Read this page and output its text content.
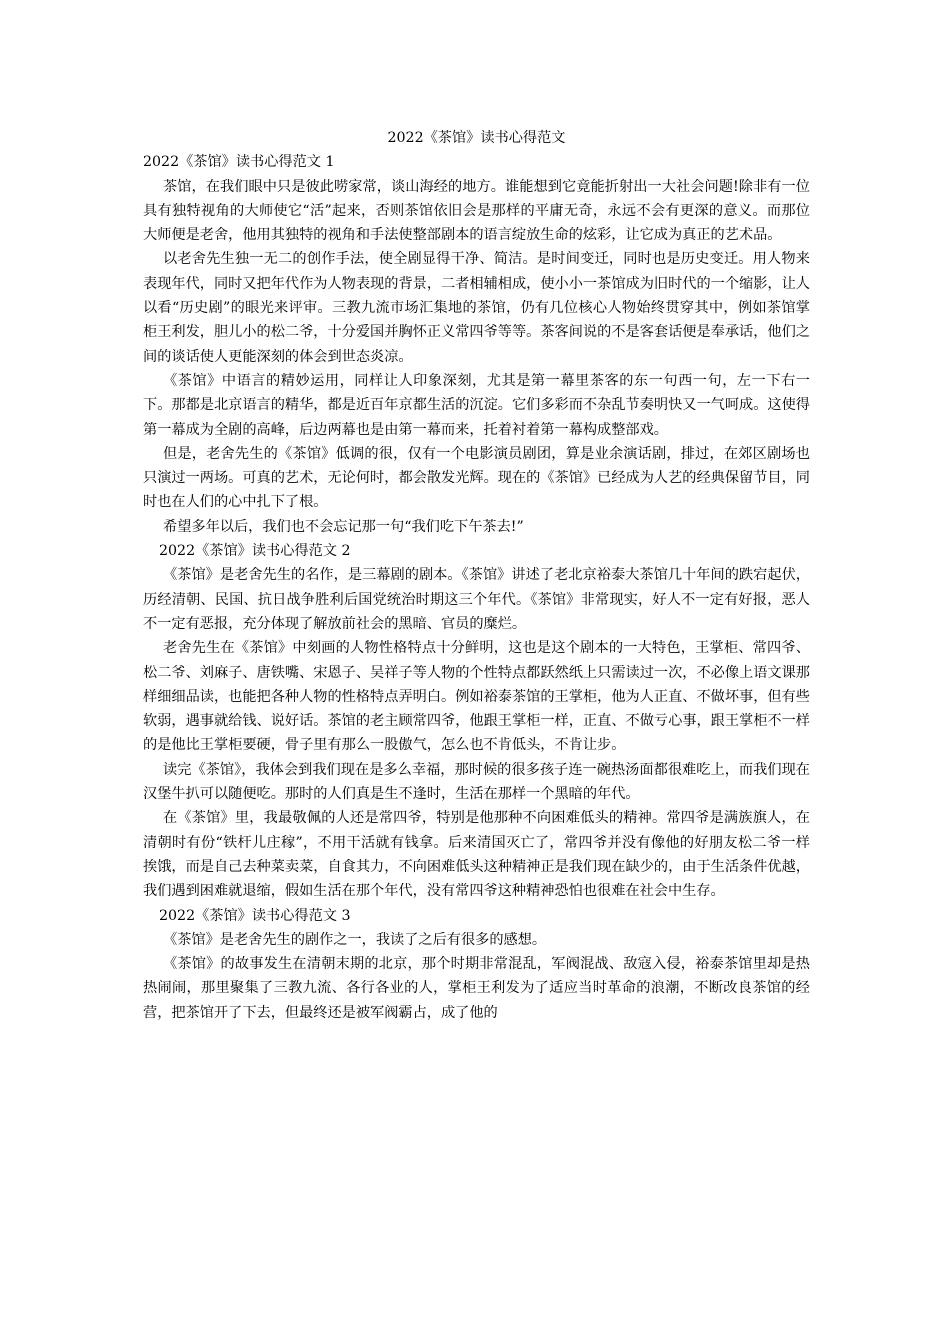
2022《茶馆》读书心得范文
2022《茶馆》读书心得范文 1

茶馆，在我们眼中只是彼此唠家常，谈山海经的地方。谁能想到它竟能折射出一大社会问题!除非有一位具有独特视角的大师使它“活”起来，否则茶馆依旧会是那样的平庸无奇，永远不会有更深的意义。而那位大师便是老舍，他用其独特的视角和手法使整部剧本的语言绽放生命的炫彩，让它成为真正的艺术品。

以老舍先生独一无二的创作手法，使全剧显得干净、简洁。是时间变迁，同时也是历史变迁。用人物来表现年代，同时又把年代作为人物表现的背景，二者相辅相成，使小小一茶馆成为旧时代的一个缩影，让人以看“历史剧”的眼光来评审。三教九流市场汇集地的茶馆，仍有几位核心人物始终贯穿其中，例如茶馆掌柜王利发，胆儿小的松二爷，十分爱国并胸怀正义常四爷等等。茶客间说的不是客套话便是奉承话，他们之间的谈话使人更能深刻的体会到世态炎凉。

《茶馆》中语言的精妙运用，同样让人印象深刻，尤其是第一幕里茶客的东一句西一句，左一下右一下。那都是北京语言的精华，都是近百年京都生活的沉淀。它们多彩而不杂乱节奏明快又一气呵成。这使得第一幕成为全剧的高峰，后边两幕也是由第一幕而来，托着衬着第一幕构成整部戏。

但是，老舍先生的《茶馆》低调的很，仅有一个电影演员剧团，算是业余演话剧，排过，在郊区剧场也只演过一两场。可真的艺术，无论何时，都会散发光辉。现在的《茶馆》已经成为人艺的经典保留节目，同时也在人们的心中扎下了根。

希望多年以后，我们也不会忘记那一句“我们吃下午茶去!”

2022《茶馆》读书心得范文 2

《茶馆》是老舍先生的名作，是三幕剧的剧本。《茶馆》讲述了老北京裕泰大茶馆几十年间的跌宕起伏，历经清朝、民国、抗日战争胜利后国党统治时期这三个年代。《茶馆》非常现实，好人不一定有好报，恶人不一定有恶报，充分体现了解放前社会的黑暗、官员的糜烂。

老舍先生在《茶馆》中刻画的人物性格特点十分鲜明，这也是这个剧本的一大特色，王掌柜、常四爷、松二爷、刘麻子、唐铁嘴、宋恩子、吴祥子等人物的个性特点都跃然纸上只需读过一次，不必像上语文课那样细细品读，也能把各种人物的性格特点弄明白。例如裕泰茶馆的王掌柜，他为人正直、不做坏事，但有些软弱，遇事就给钱、说好话。茶馆的老主顾常四爷，他跟王掌柜一样，正直、不做亏心事，跟王掌柜不一样的是他比王掌柜要硬，骨子里有那么一股傲气，怎么也不肯低头，不肯让步。

读完《茶馆》，我体会到我们现在是多么幸福，那时候的很多孩子连一碗热汤面都很难吃上，而我们现在汉堡牛扒可以随便吃。那时的人们真是生不逢时，生活在那样一个黑暗的年代。

在《茶馆》里，我最敬佩的人还是常四爷，特别是他那种不向困难低头的精神。常四爷是满族旗人，在清朝时有份“铁杆儿庄稼”，不用干活就有钱拿。后来清国灭亡了，常四爷并没有像他的好朋友松二爷一样挨饿，而是自己去种菜卖菜，自食其力，不向困难低头这种精神正是我们现在缺少的，由于生活条件优越，我们遇到困难就退缩，假如生活在那个年代，没有常四爷这种精神恐怕也很难在社会中生存。

2022《茶馆》读书心得范文 3

《茶馆》是老舍先生的剧作之一，我读了之后有很多的感想。

《茶馆》的故事发生在清朝末期的北京，那个时期非常混乱，军阀混战、敌寇入侵，裕泰茶馆里却是热热闹闹，那里聚集了三教九流、各行各业的人，掌柜王利发为了适应当时革命的浪潮，不断改良茶馆的经营，把茶馆开了下去，但最终还是被军阀霸占，成了他的
